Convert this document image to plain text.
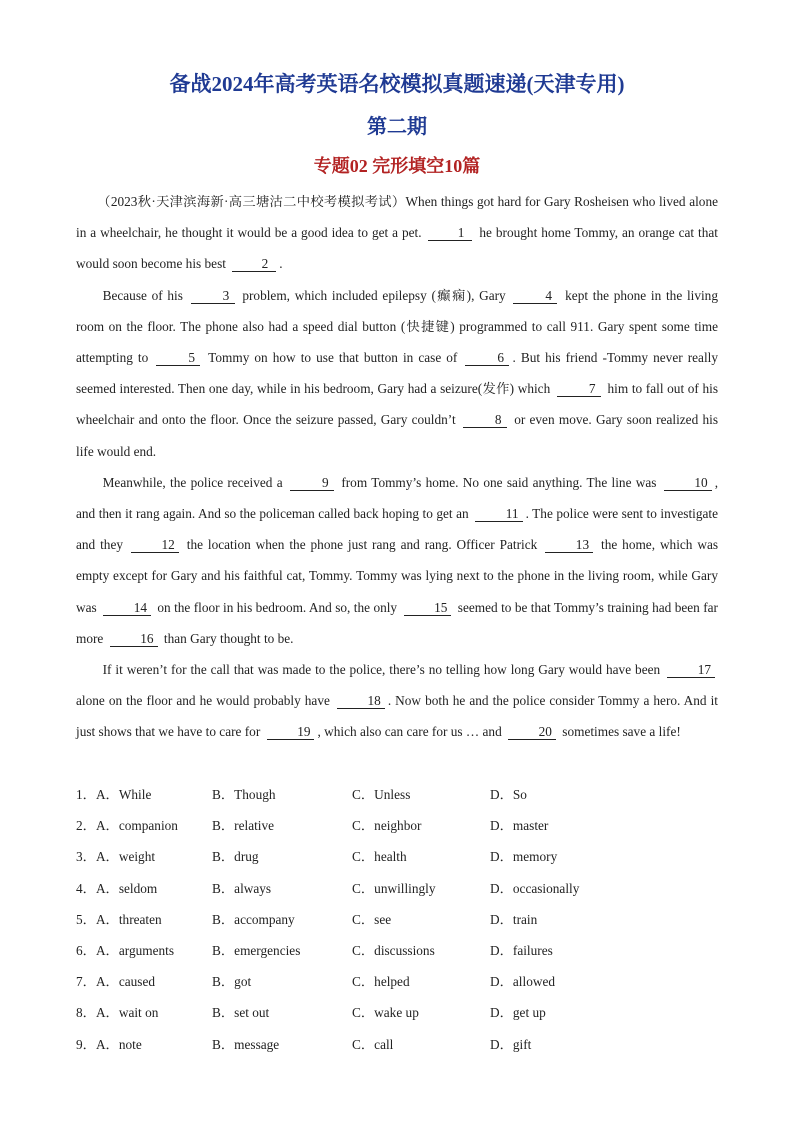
备战2024年高考英语名校模拟真题速递(天津专用)
第二期
专题02 完形填空10篇

（2023秋·天津滨海新·高三塘沽二中校考模拟考试）When things got hard for Gary Rosheisen who lived alone in a wheelchair, he thought it would be a good idea to get a pet.	1 he brought home Tommy, an orange cat that would soon become his best	2 .

Because of his	3 problem, which included epilepsy (癫痫), Gary	4 kept the phone in the living room on the floor. The phone also had a speed dial button (快捷键) programmed to call 911. Gary spent some time attempting to	5 Tommy on how to use that button in case of	6 . But his friend -Tommy never really seemed interested. Then one day, while in his bedroom, Gary had a seizure(发作) which	7 him to fall out of his wheelchair and onto the floor. Once the seizure passed, Gary couldn’t	8 or even move. Gary soon realized his life would end.

Meanwhile, the police received a	9 from Tommy’s home. No one said anything. The line was	10 , and then it rang again. And so the policeman called back hoping to get an	11 . The police were sent to investigate and they	12 the location when the phone just rang and rang. Officer Patrick	13 the home, which was empty except for Gary and his faithful cat, Tommy. Tommy was lying next to the phone in the living room, while Gary was	14 on the floor in his bedroom. And so, the only	15 seemed to be that Tommy’s training had been far more	16 than Gary thought to be.

If it weren’t for the call that was made to the police, there’s no telling how long Gary would have been	17 alone on the floor and he would probably have	18 . Now both he and the police consider Tommy a hero. And it just shows that we have to care for	19 , which also can care for us … and	20 sometimes save a life!

1．A．While	B．Though	C．Unless	D．So
2．A．companion	B．relative	C．neighbor	D．master
3．A．weight	B．drug	C．health	D．memory
4．A．seldom	B．always	C．unwillingly	D．occasionally
5．A．threaten	B．accompany	C．see	D．train
6．A．arguments	B．emergencies	C．discussions	D．failures
7．A．caused	B．got	C．helped	D．allowed
8．A．wait on	B．set out	C．wake up	D．get up
9．A．note	B．message	C．call	D．gift
